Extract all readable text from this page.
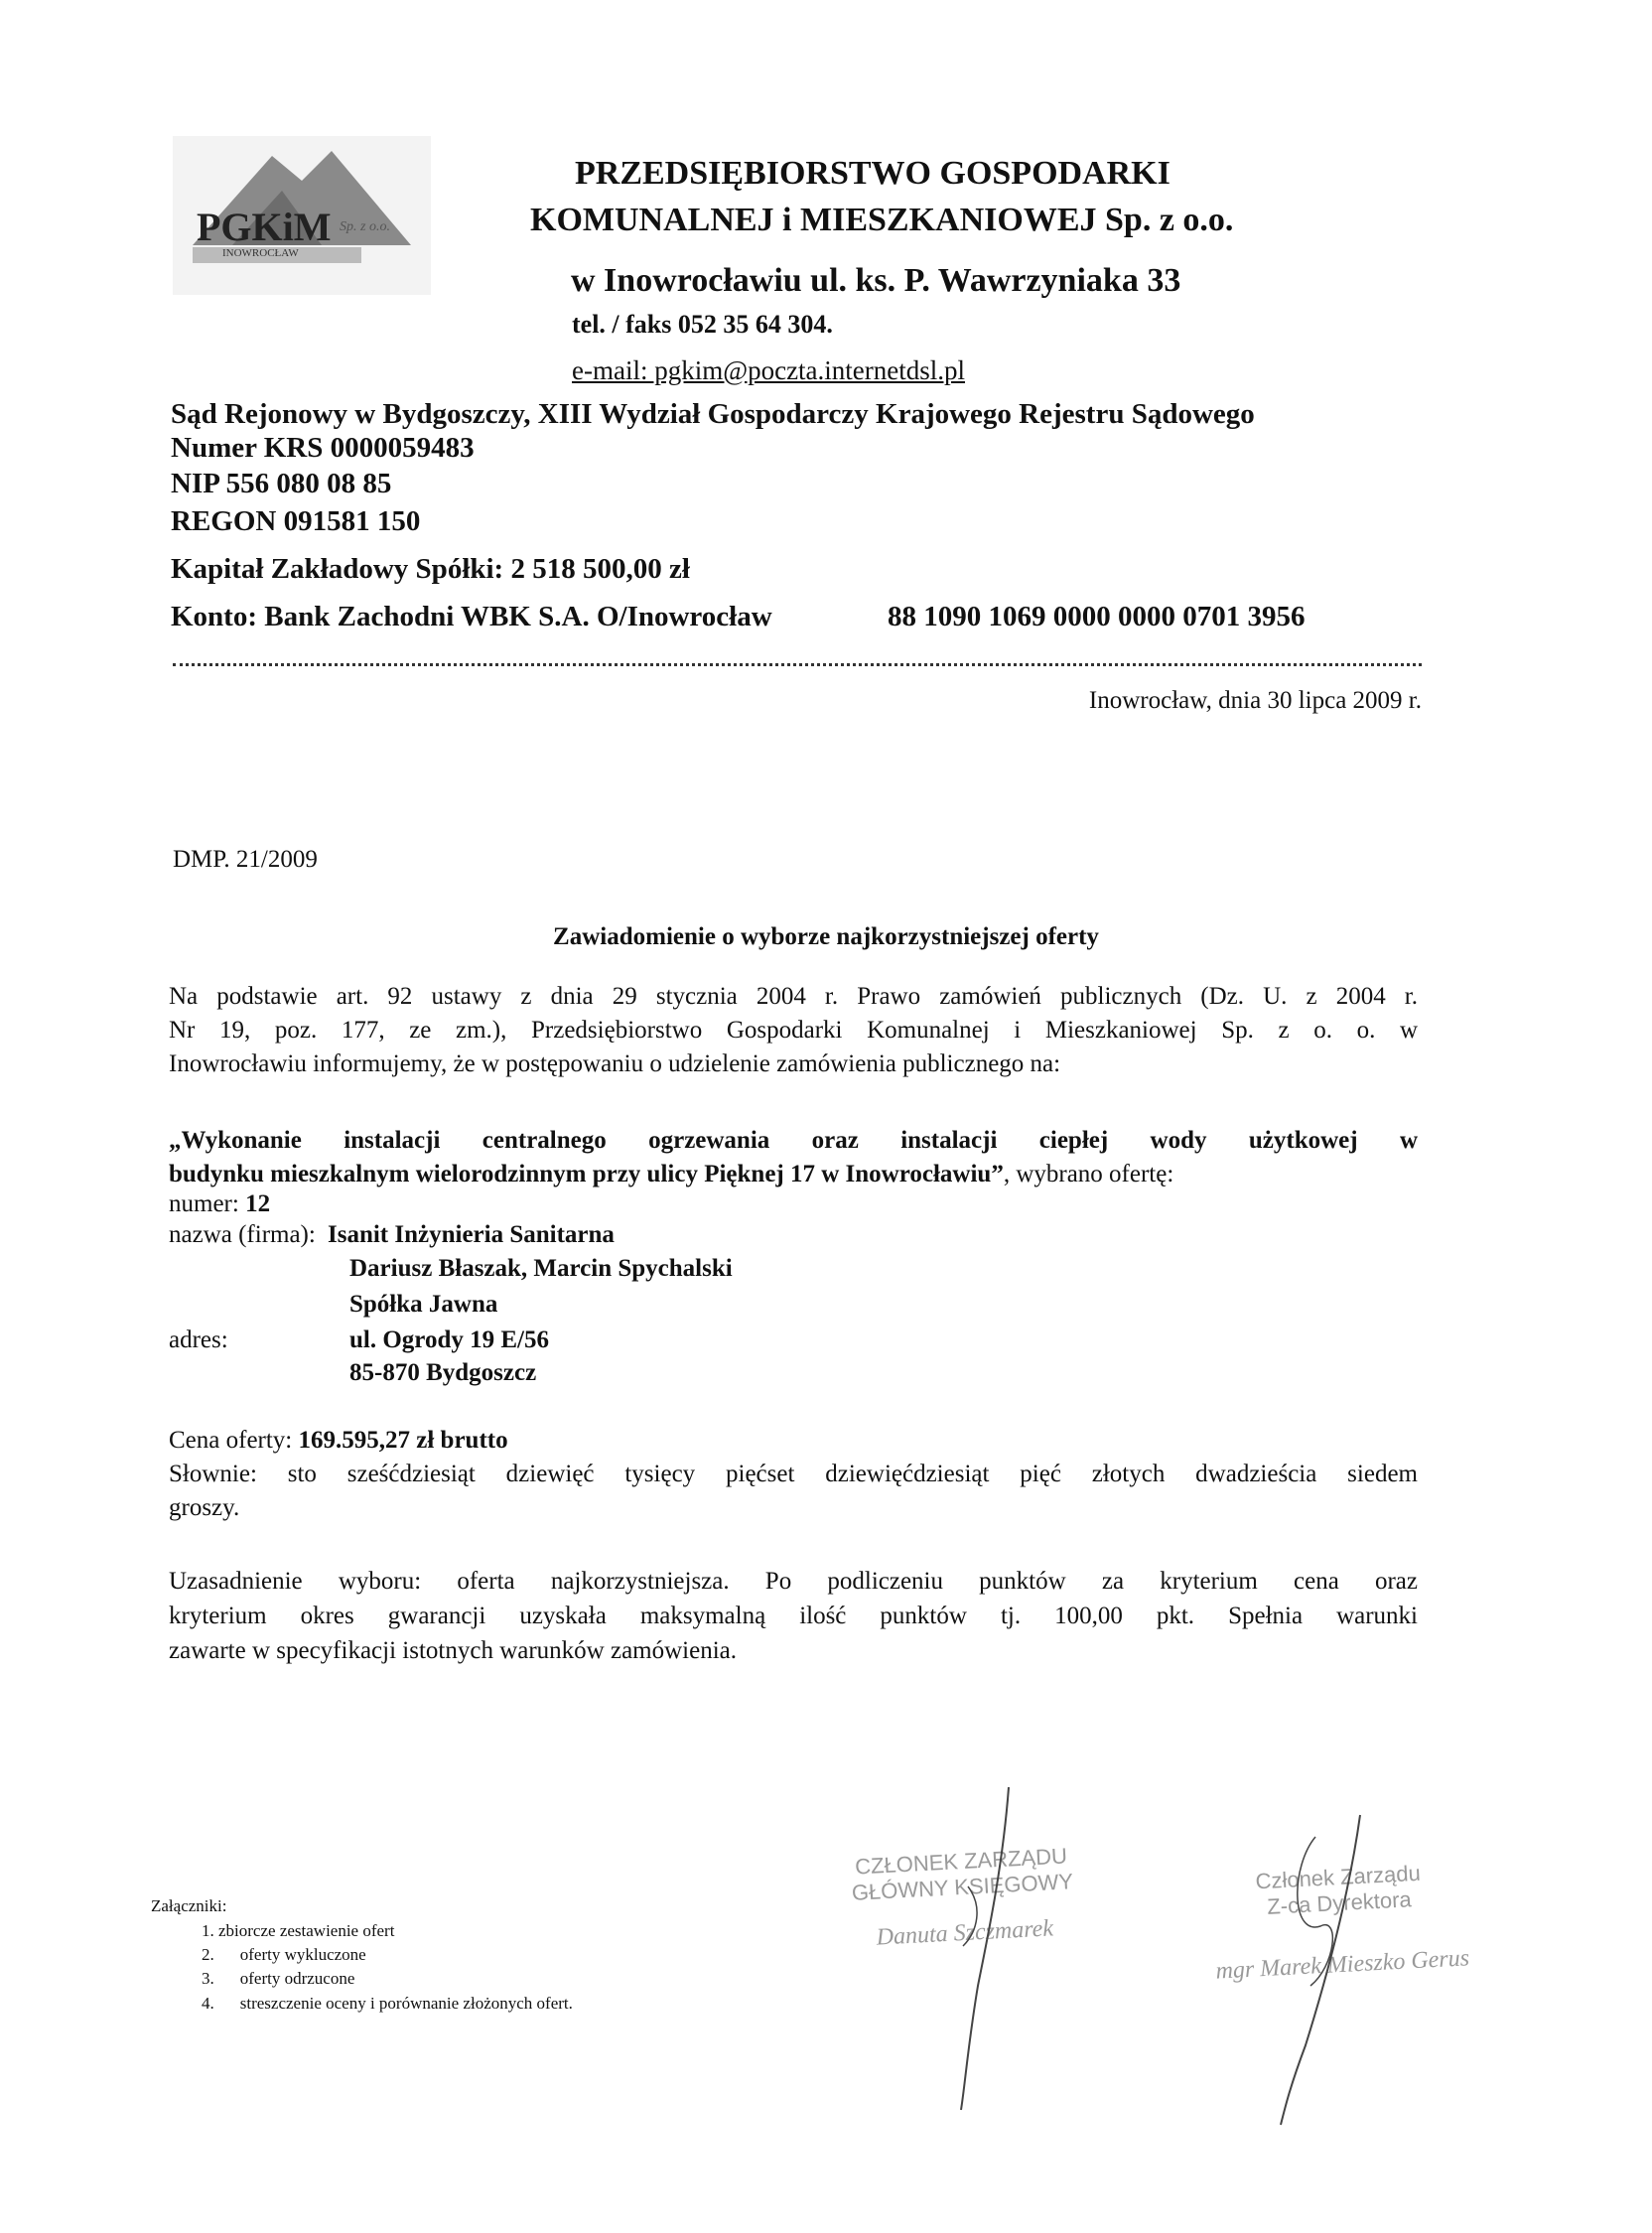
PGKiM Sp. z o.o.
INOWROCŁAW
PRZEDSIĘBIORSTWO GOSPODARKI
KOMUNALNEJ i MIESZKANIOWEJ Sp. z o.o.
w Inowrocławiu ul. ks. P. Wawrzyniaka 33
tel. / faks 052 35 64 304.
e-mail: pgkim@poczta.internetdsl.pl
Sąd Rejonowy w Bydgoszczy, XIII Wydział Gospodarczy Krajowego Rejestru Sądowego
Numer KRS 0000059483
NIP 556 080 08 85
REGON 091581 150
Kapitał Zakładowy Spółki: 2 518 500,00 zł
Konto: Bank Zachodni WBK S.A. O/Inowrocław	88 1090 1069 0000 0000 0701 3956
Inowrocław, dnia 30 lipca 2009 r.
DMP. 21/2009
Zawiadomienie o wyborze najkorzystniejszej oferty
Na podstawie art. 92 ustawy z dnia 29 stycznia 2004 r. Prawo zamówień publicznych (Dz. U. z 2004 r.
Nr 19, poz. 177, ze zm.), Przedsiębiorstwo Gospodarki Komunalnej i Mieszkaniowej Sp. z o. o. w
Inowrocławiu informujemy, że w postępowaniu o udzielenie zamówienia publicznego na:
„Wykonanie instalacji centralnego ogrzewania oraz instalacji ciepłej wody użytkowej w
budynku mieszkalnym wielorodzinnym przy ulicy Pięknej 17 w Inowrocławiu”, wybrano ofertę:
numer: 12
nazwa (firma): Isanit Inżynieria Sanitarna
Dariusz Błaszak, Marcin Spychalski
Spółka Jawna
adres:	ul. Ogrody 19 E/56
85-870 Bydgoszcz
Cena oferty: 169.595,27 zł brutto
Słownie: sto sześćdziesiąt dziewięć tysięcy pięćset dziewięćdziesiąt pięć złotych dwadzieścia siedem
groszy.
Uzasadnienie wyboru: oferta najkorzystniejsza. Po podliczeniu punktów za kryterium cena oraz
kryterium okres gwarancji uzyskała maksymalną ilość punktów tj. 100,00 pkt. Spełnia warunki
zawarte w specyfikacji istotnych warunków zamówienia.
Załączniki:
1. zbiorcze zestawienie ofert
2. oferty wykluczone
3. oferty odrzucone
4. streszczenie oceny i porównanie złożonych ofert.
CZŁONEK ZARZĄDU
GŁÓWNY KSIĘGOWY
Danuta Szczmarek
Członek Zarządu
Z-ca Dyrektora
mgr Marek Mieszko Gerus
